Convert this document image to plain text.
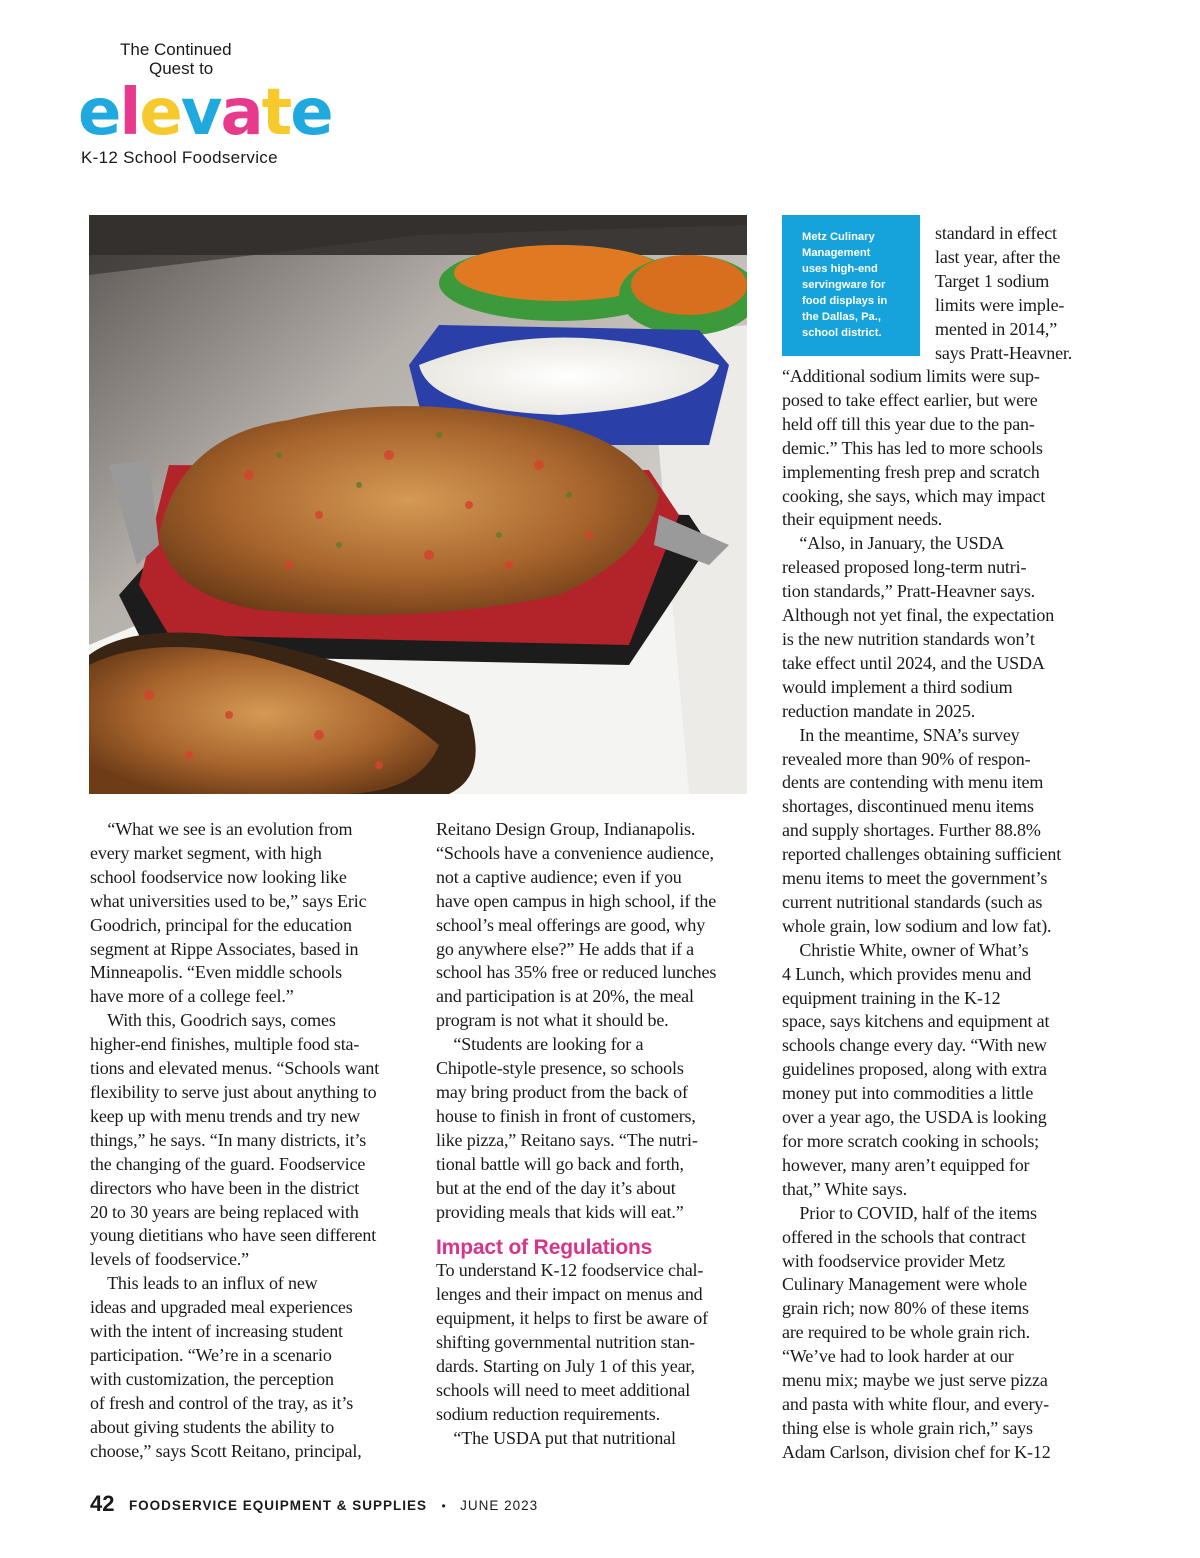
The Continued
Quest to
elevate
K-12 School Foodservice
Metz Culinary
Management
uses high-end
servingware for
food displays in
the Dallas, Pa.,
school district.
“What we see is an evolution from
every market segment, with high
school foodservice now looking like
what universities used to be,” says Eric
Goodrich, principal for the education
segment at Rippe Associates, based in
Minneapolis. “Even middle schools
have more of a college feel.”
With this, Goodrich says, comes
higher-end finishes, multiple food sta-
tions and elevated menus. “Schools want
flexibility to serve just about anything to
keep up with menu trends and try new
things,” he says. “In many districts, it’s
the changing of the guard. Foodservice
directors who have been in the district
20 to 30 years are being replaced with
young dietitians who have seen different
levels of foodservice.”
This leads to an influx of new
ideas and upgraded meal experiences
with the intent of increasing student
participation. “We’re in a scenario
with customization, the perception
of fresh and control of the tray, as it’s
about giving students the ability to
choose,” says Scott Reitano, principal,
Reitano Design Group, Indianapolis.
“Schools have a convenience audience,
not a captive audience; even if you
have open campus in high school, if the
school’s meal offerings are good, why
go anywhere else?” He adds that if a
school has 35% free or reduced lunches
and participation is at 20%, the meal
program is not what it should be.
“Students are looking for a
Chipotle-style presence, so schools
may bring product from the back of
house to finish in front of customers,
like pizza,” Reitano says. “The nutri-
tional battle will go back and forth,
but at the end of the day it’s about
providing meals that kids will eat.”
Impact of Regulations
To understand K-12 foodservice chal-
lenges and their impact on menus and
equipment, it helps to first be aware of
shifting governmental nutrition stan-
dards. Starting on July 1 of this year,
schools will need to meet additional
sodium reduction requirements.
“The USDA put that nutritional
standard in effect
last year, after the
Target 1 sodium
limits were imple-
mented in 2014,”
says Pratt-Heavner.
“Additional sodium limits were sup-
posed to take effect earlier, but were
held off till this year due to the pan-
demic.” This has led to more schools
implementing fresh prep and scratch
cooking, she says, which may impact
their equipment needs.
“Also, in January, the USDA
released proposed long-term nutri-
tion standards,” Pratt-Heavner says.
Although not yet final, the expectation
is the new nutrition standards won’t
take effect until 2024, and the USDA
would implement a third sodium
reduction mandate in 2025.
In the meantime, SNA’s survey
revealed more than 90% of respon-
dents are contending with menu item
shortages, discontinued menu items
and supply shortages. Further 88.8%
reported challenges obtaining sufficient
menu items to meet the government’s
current nutritional standards (such as
whole grain, low sodium and low fat).
Christie White, owner of What’s
4 Lunch, which provides menu and
equipment training in the K-12
space, says kitchens and equipment at
schools change every day. “With new
guidelines proposed, along with extra
money put into commodities a little
over a year ago, the USDA is looking
for more scratch cooking in schools;
however, many aren’t equipped for
that,” White says.
Prior to COVID, half of the items
offered in the schools that contract
with foodservice provider Metz
Culinary Management were whole
grain rich; now 80% of these items
are required to be whole grain rich.
“We’ve had to look harder at our
menu mix; maybe we just serve pizza
and pasta with white flour, and every-
thing else is whole grain rich,” says
Adam Carlson, division chef for K-12
42 FOODSERVICE EQUIPMENT & SUPPLIES • JUNE 2023
